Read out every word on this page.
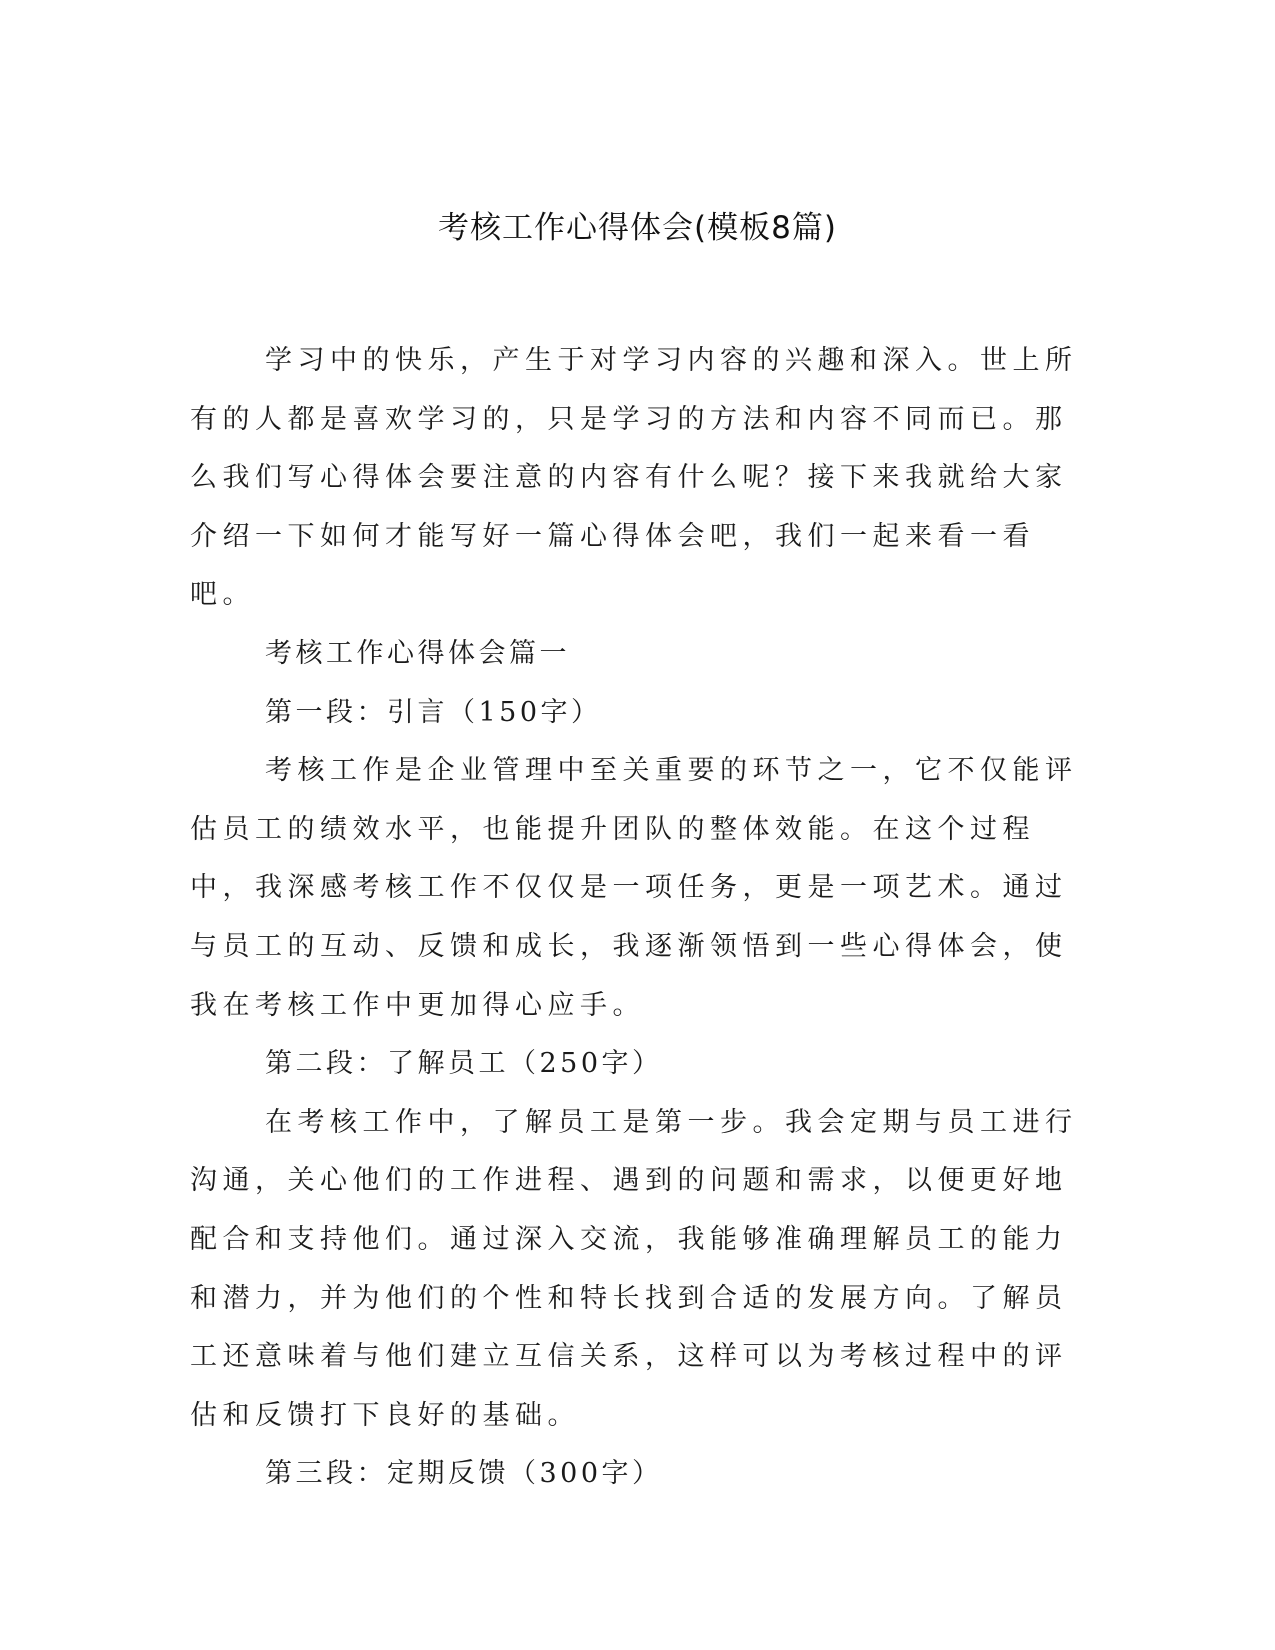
考核工作心得体会(模板8篇)

学习中的快乐，产生于对学习内容的兴趣和深入。世上所有的人都是喜欢学习的，只是学习的方法和内容不同而已。那么我们写心得体会要注意的内容有什么呢？接下来我就给大家介绍一下如何才能写好一篇心得体会吧，我们一起来看一看吧。

考核工作心得体会篇一

第一段：引言（150字）

考核工作是企业管理中至关重要的环节之一，它不仅能评估员工的绩效水平，也能提升团队的整体效能。在这个过程中，我深感考核工作不仅仅是一项任务，更是一项艺术。通过与员工的互动、反馈和成长，我逐渐领悟到一些心得体会，使我在考核工作中更加得心应手。

第二段：了解员工（250字）

在考核工作中，了解员工是第一步。我会定期与员工进行沟通，关心他们的工作进程、遇到的问题和需求，以便更好地配合和支持他们。通过深入交流，我能够准确理解员工的能力和潜力，并为他们的个性和特长找到合适的发展方向。了解员工还意味着与他们建立互信关系，这样可以为考核过程中的评估和反馈打下良好的基础。

第三段：定期反馈（300字）
